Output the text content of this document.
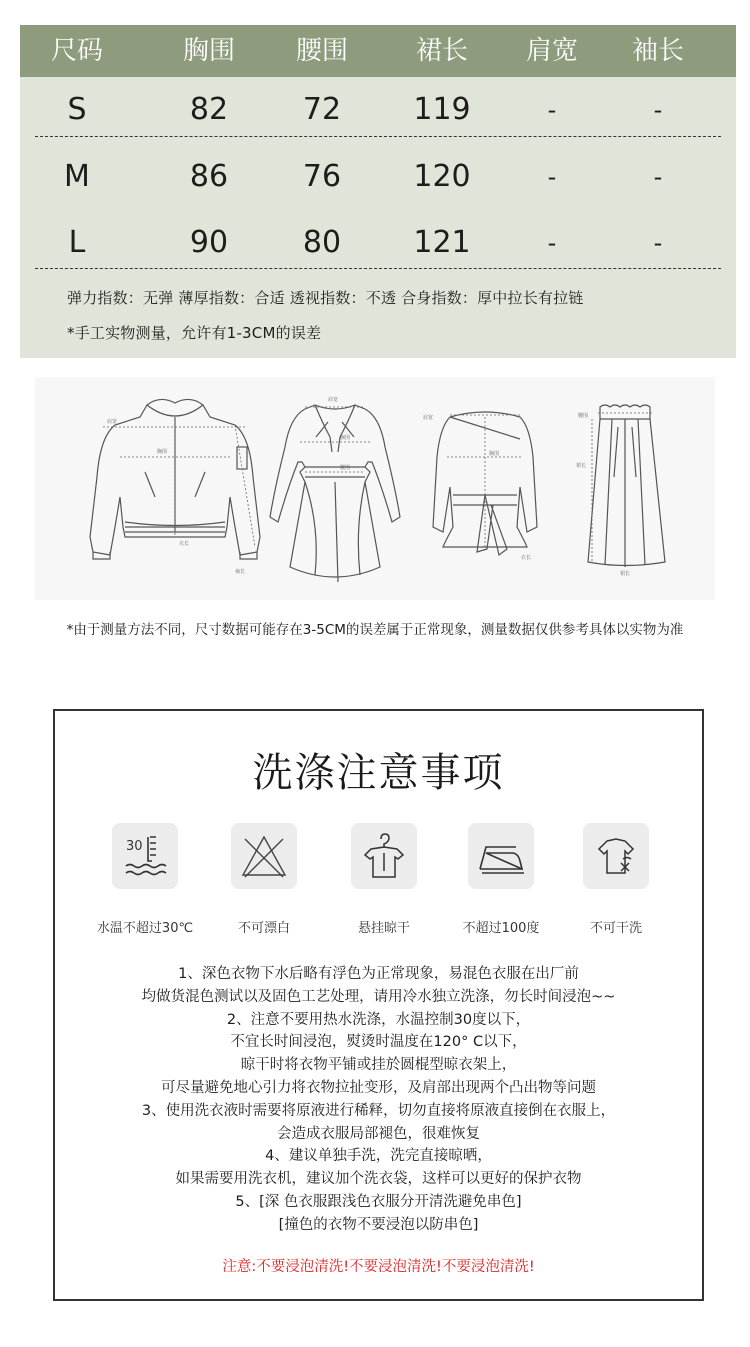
尺码	胸围	腰围	裙长	肩宽	袖长
S	82	72	119	-	-
M	86	76	120	-	-
L	90	80	121	-	-
弹力指数：无弹 薄厚指数：合适 透视指数：不透 合身指数：厚中拉长有拉链
*手工实物测量，允许有1-3CM的误差
肩宽
胸围
衣长
袖长
肩宽
胸围
腰围
肩宽
胸围
衣长
腰围
裙长
裙长
*由于测量方法不同，尺寸数据可能存在3-5CM的误差属于正常现象，测量数据仅供参考具体以实物为准
洗涤注意事项
30
水温不超过30℃	不可漂白	悬挂晾干	不超过100度	不可干洗
1、深色衣物下水后略有浮色为正常现象，易混色衣服在出厂前
均做货混色测试以及固色工艺处理，请用冷水独立洗涤，勿长时间浸泡~~
2、注意不要用热水洗涤，水温控制30度以下，
不宜长时间浸泡，熨烫时温度在120° C以下，
晾干时将衣物平铺或挂於圆棍型晾衣架上，
可尽量避免地心引力将衣物拉扯变形，及肩部出现两个凸出物等问题
3、使用洗衣液时需要将原液进行稀释，切勿直接将原液直接倒在衣服上，
会造成衣服局部褪色，很难恢复
4、建议单独手洗，洗完直接晾晒，
如果需要用洗衣机，建议加个洗衣袋，这样可以更好的保护衣物
5、[深 色衣服跟浅色衣服分开清洗避免串色]
[撞色的衣物不要浸泡以防串色]
注意:不要浸泡清洗!不要浸泡清洗!不要浸泡清洗!
